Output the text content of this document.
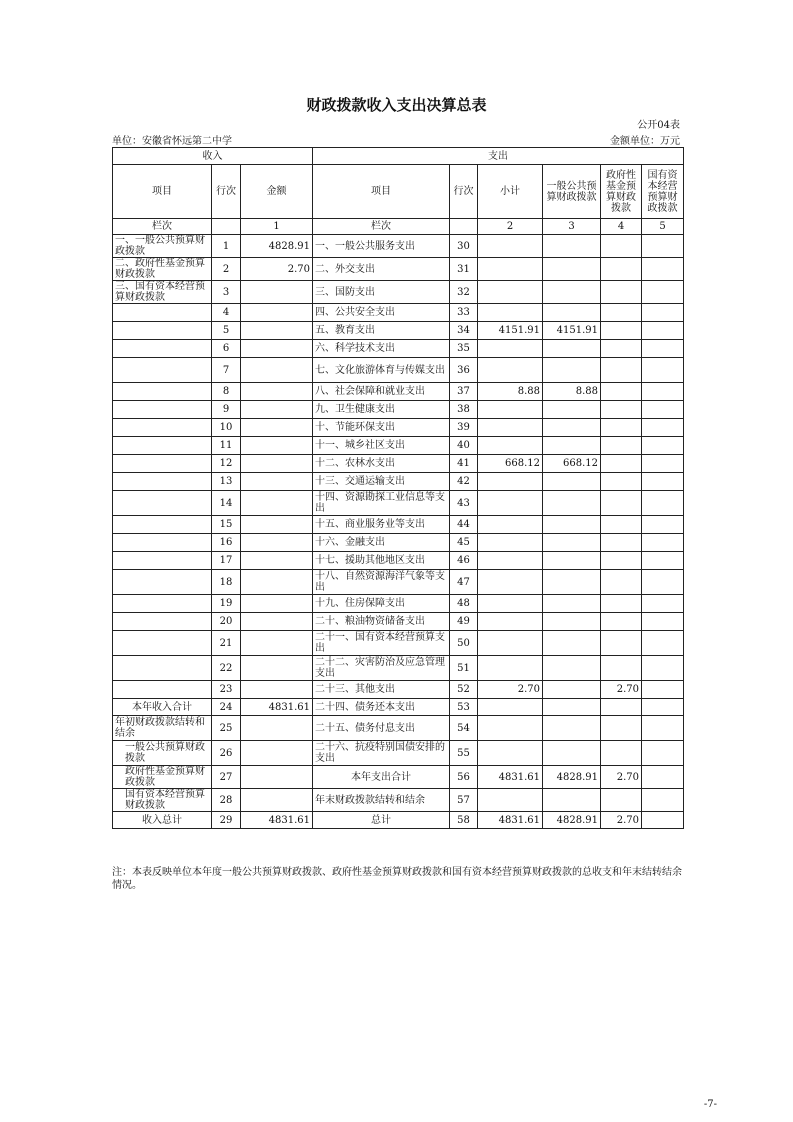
财政拨款收入支出决算总表
公开04表
单位：安徽省怀远第二中学	金额单位：万元
收入			支出					
项目	行次	金额	项目	行次	小计	一般公共预算财政拨款	政府性基金预算财政拨款	国有资本经营预算财政拨款
栏次		1	栏次		2	3	4	5
一、一般公共预算财政拨款	1	4828.91	一、一般公共服务支出	30				
二、政府性基金预算财政拨款	2	2.70	二、外交支出	31				
三、国有资本经营预算财政拨款	3		三、国防支出	32				
	4		四、公共安全支出	33				
	5		五、教育支出	34	4151.91	4151.91		
	6		六、科学技术支出	35				
	7		七、文化旅游体育与传媒支出	36				
	8		八、社会保障和就业支出	37	8.88	8.88		
	9		九、卫生健康支出	38				
	10		十、节能环保支出	39				
	11		十一、城乡社区支出	40				
	12		十二、农林水支出	41	668.12	668.12		
	13		十三、交通运输支出	42				
	14		十四、资源勘探工业信息等支出	43				
	15		十五、商业服务业等支出	44				
	16		十六、金融支出	45				
	17		十七、援助其他地区支出	46				
	18		十八、自然资源海洋气象等支出	47				
	19		十九、住房保障支出	48				
	20		二十、粮油物资储备支出	49				
	21		二十一、国有资本经营预算支出	50				
	22		二十二、灾害防治及应急管理支出	51				
	23		二十三、其他支出	52	2.70		2.70	
本年收入合计	24	4831.61	二十四、债务还本支出	53				
年初财政拨款结转和结余	25		二十五、债务付息支出	54				
一般公共预算财政拨款	26		二十六、抗疫特别国债安排的支出	55				
政府性基金预算财政拨款	27		本年支出合计	56	4831.61	4828.91	2.70	
国有资本经营预算财政拨款	28		年末财政拨款结转和结余	57				
收入总计	29	4831.61	总计	58	4831.61	4828.91	2.70	
注：本表反映单位本年度一般公共预算财政拨款、政府性基金预算财政拨款和国有资本经营预算财政拨款的总收支和年末结转结余情况。
-7-
